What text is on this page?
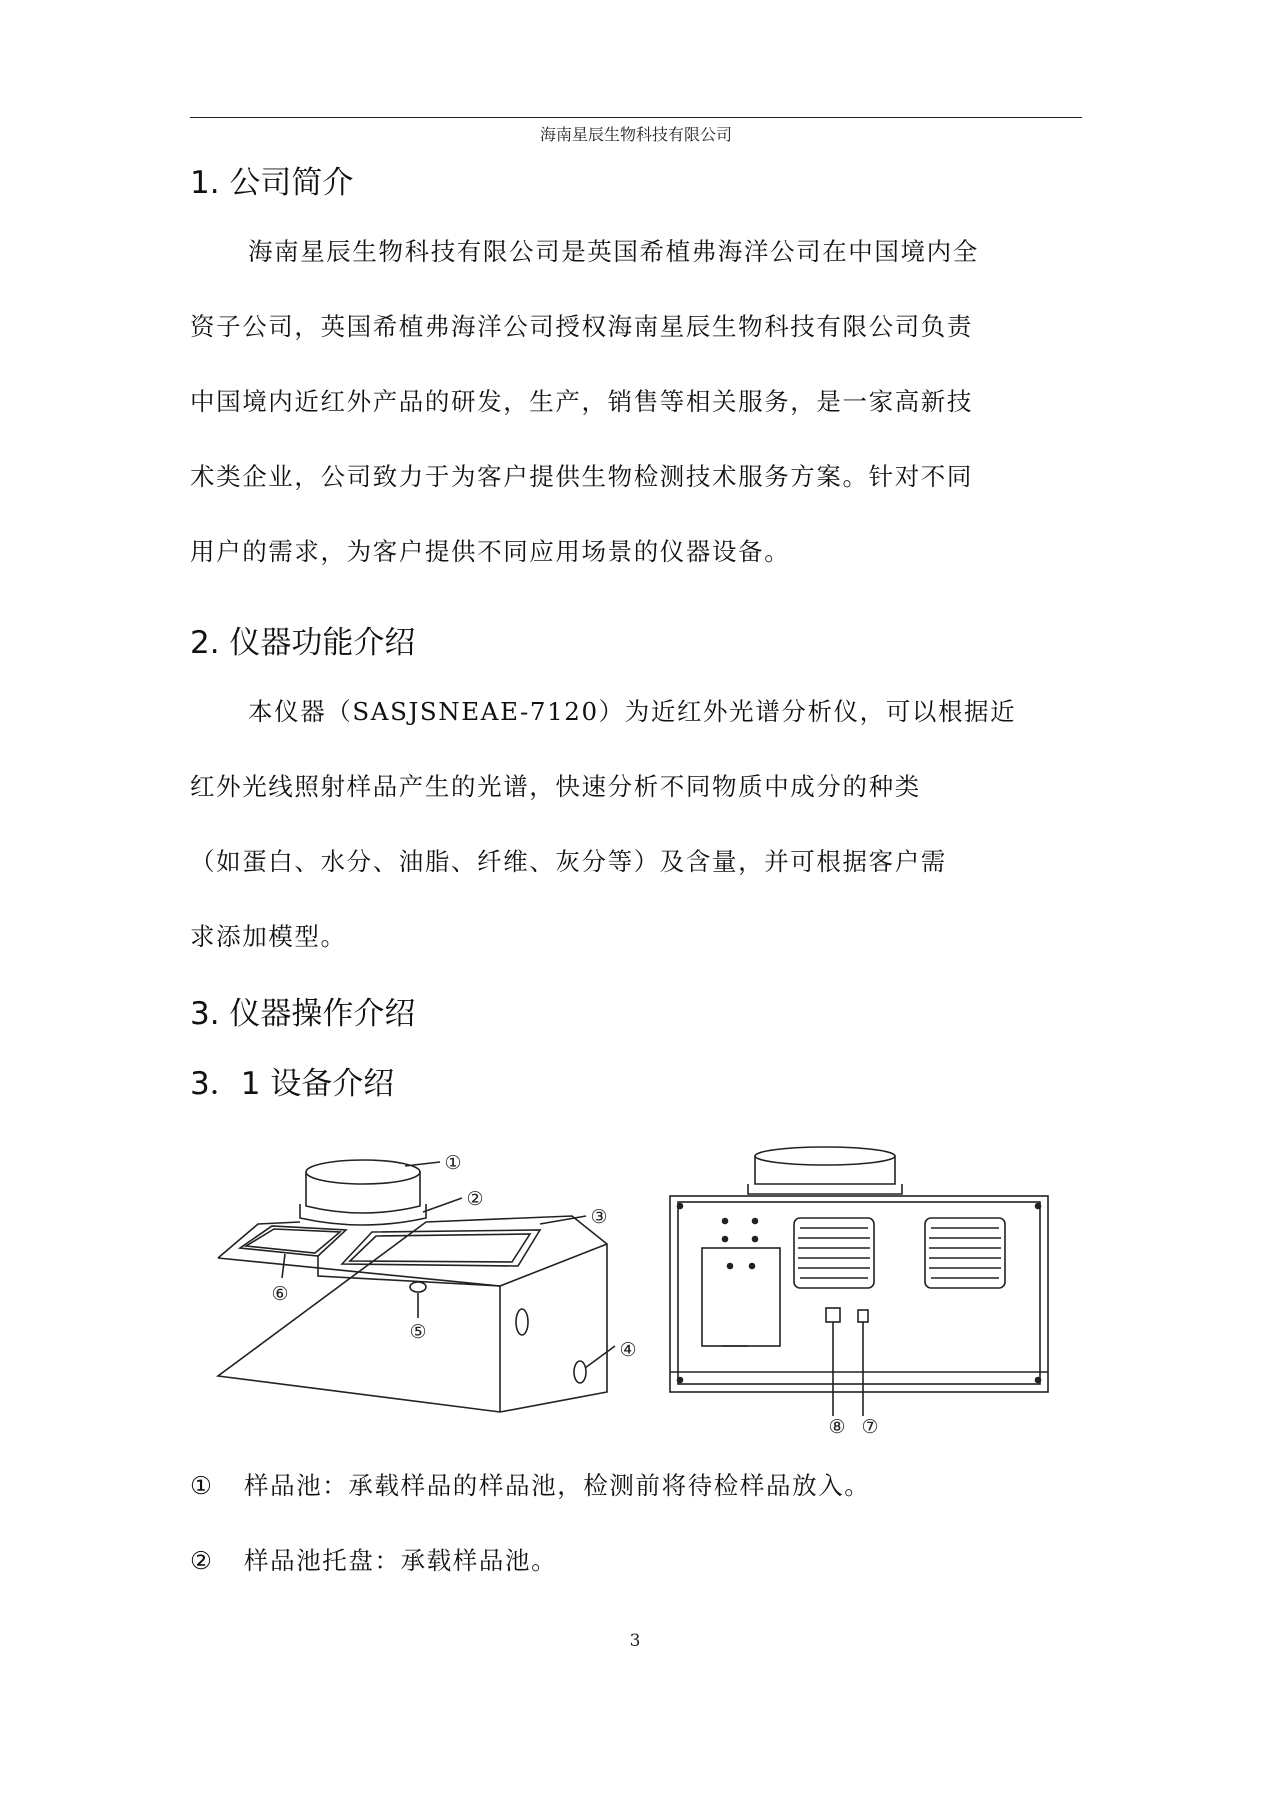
海南星辰生物科技有限公司
1. 公司简介
海南星辰生物科技有限公司是英国希植弗海洋公司在中国境内全
资子公司，英国希植弗海洋公司授权海南星辰生物科技有限公司负责
中国境内近红外产品的研发，生产，销售等相关服务，是一家高新技
术类企业，公司致力于为客户提供生物检测技术服务方案。针对不同
用户的需求，为客户提供不同应用场景的仪器设备。
2. 仪器功能介绍
本仪器（SASJSNEAE-7120）为近红外光谱分析仪，可以根据近
红外光线照射样品产生的光谱，快速分析不同物质中成分的种类
（如蛋白、水分、油脂、纤维、灰分等）及含量，并可根据客户需
求添加模型。
3. 仪器操作介绍
3．1 设备介绍
①
②
③
④
⑤
⑥
⑦
⑧
① 样品池：承载样品的样品池，检测前将待检样品放入。
② 样品池托盘：承载样品池。
3
